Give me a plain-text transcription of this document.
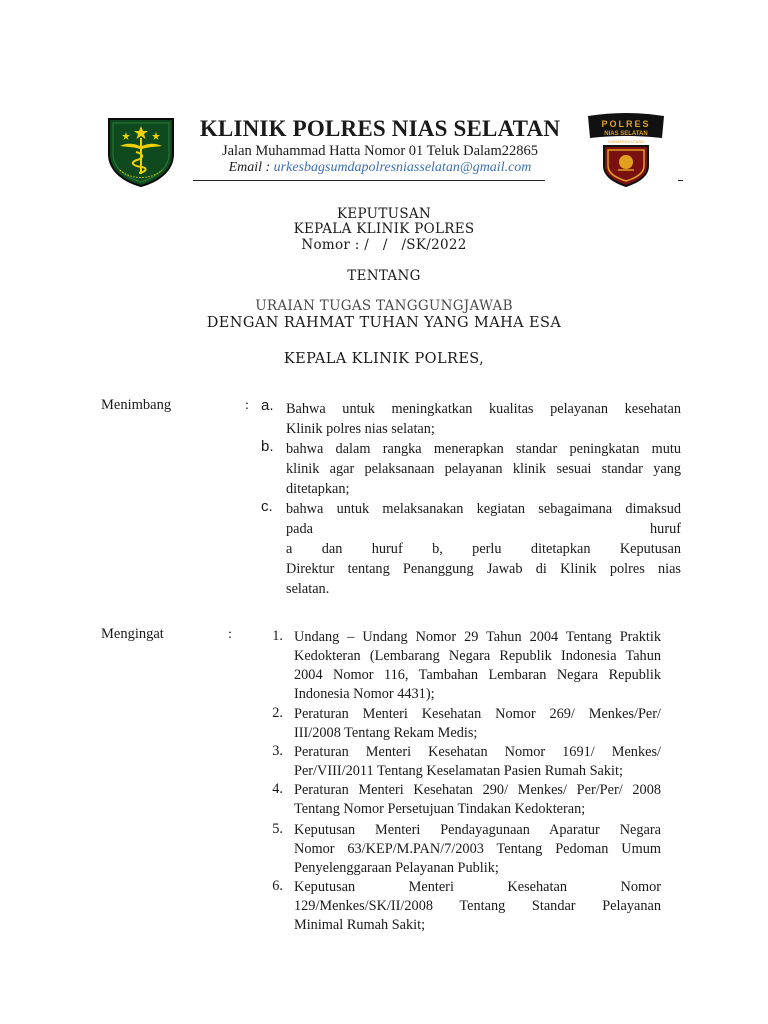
KLINIK POLRES NIAS SELATAN
Jalan Muhammad Hatta Nomor 01 Teluk Dalam22865
Email : urkesbagsumdapolresniasselatan@gmail.com
POLRES
NIAS SELATAN
SUMATERA UTARA
KEPUTUSAN
KEPALA KLINIK POLRES
Nomor : /   /   /SK/2022
TENTANG
URAIAN TUGAS TANGGUNGJAWAB
DENGAN RAHMAT TUHAN YANG MAHA ESA
KEPALA KLINIK POLRES,
Menimbang	: a. Bahwa untuk meningkatkan kualitas pelayanan kesehatan
Klinik polres nias selatan;
b. bahwa dalam rangka menerapkan standar peningkatan mutu
klinik agar pelaksanaan pelayanan klinik sesuai standar yang
ditetapkan;
c. bahwa untuk melaksanakan kegiatan sebagaimana dimaksud
pada huruf
a dan huruf b, perlu ditetapkan Keputusan
Direktur tentang Penanggung Jawab di Klinik polres nias
selatan.
Mengingat	:	1. Undang – Undang Nomor 29 Tahun 2004 Tentang Praktik
Kedokteran (Lembarang Negara Republik Indonesia Tahun
2004 Nomor 116, Tambahan Lembaran Negara Republik
Indonesia Nomor 4431);
2. Peraturan Menteri Kesehatan Nomor 269/ Menkes/Per/
III/2008 Tentang Rekam Medis;
3. Peraturan Menteri Kesehatan Nomor 1691/ Menkes/
Per/VIII/2011 Tentang Keselamatan Pasien Rumah Sakit;
4. Peraturan Menteri Kesehatan 290/ Menkes/ Per/Per/ 2008
Tentang Nomor Persetujuan Tindakan Kedokteran;
5. Keputusan Menteri Pendayagunaan Aparatur Negara
Nomor 63/KEP/M.PAN/7/2003 Tentang Pedoman Umum
Penyelenggaraan Pelayanan Publik;
6. Keputusan Menteri Kesehatan Nomor
129/Menkes/SK/II/2008 Tentang Standar Pelayanan
Minimal Rumah Sakit;
